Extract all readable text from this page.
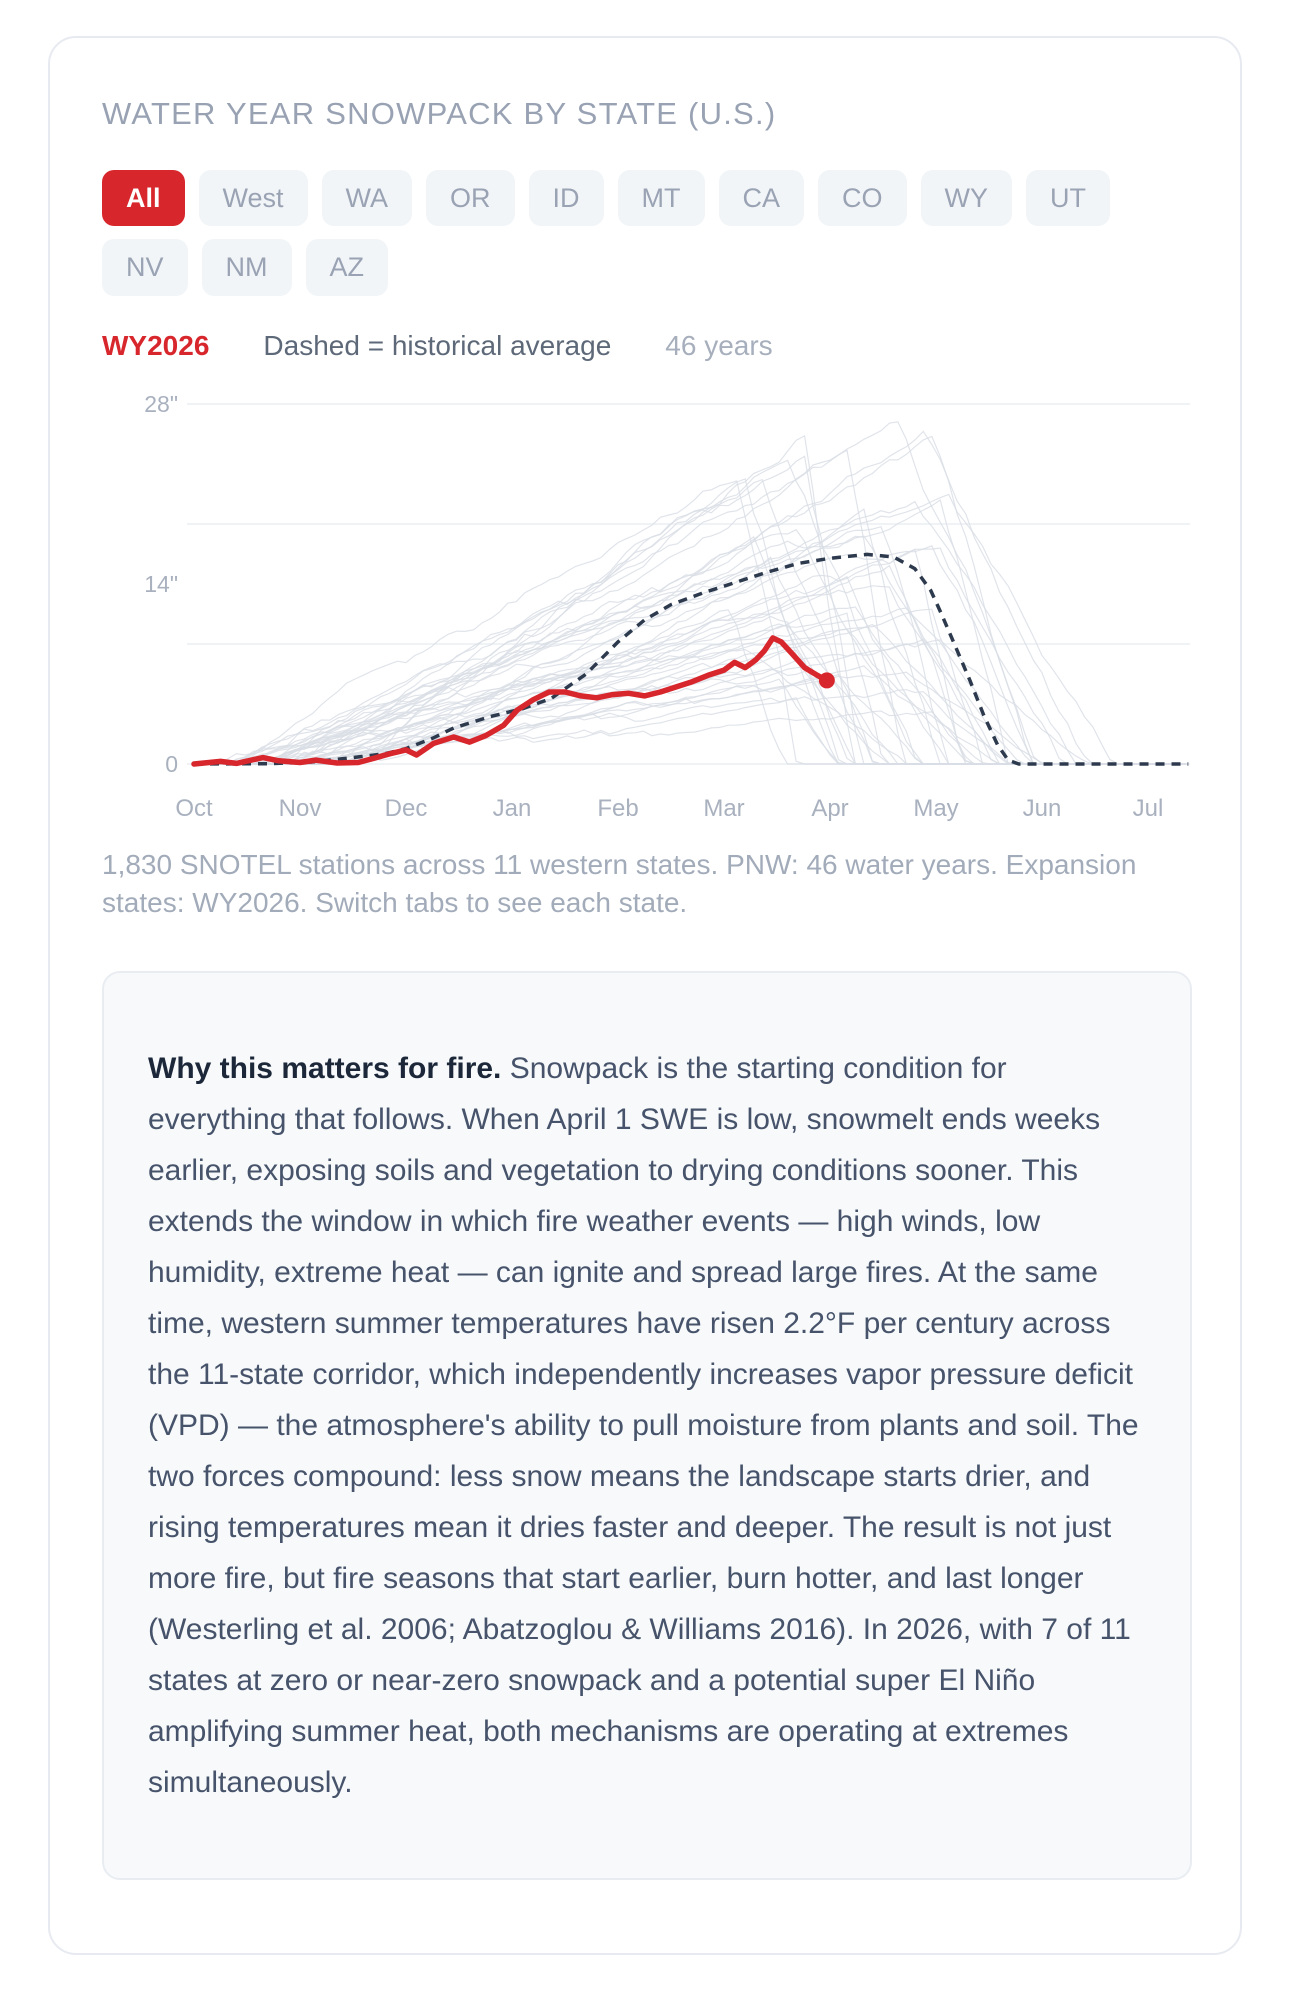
WATER YEAR SNOWPACK BY STATE (U.S.)
All	West	WA	OR	ID	MT	CA	CO	WY	UT
NV	NM	AZ
WY2026 Dashed = historical average 46 years
28"
14"
0
Oct	Nov	Dec	Jan	Feb	Mar	Apr	May	Jun	Jul
1,830 SNOTEL stations across 11 western states. PNW: 46 water years. Expansion states: WY2026. Switch tabs to see each state.

Why this matters for fire. Snowpack is the starting condition for everything that follows. When April 1 SWE is low, snowmelt ends weeks earlier, exposing soils and vegetation to drying conditions sooner. This extends the window in which fire weather events — high winds, low humidity, extreme heat — can ignite and spread large fires. At the same time, western summer temperatures have risen 2.2°F per century across the 11-state corridor, which independently increases vapor pressure deficit (VPD) — the atmosphere's ability to pull moisture from plants and soil. The two forces compound: less snow means the landscape starts drier, and rising temperatures mean it dries faster and deeper. The result is not just more fire, but fire seasons that start earlier, burn hotter, and last longer (Westerling et al. 2006; Abatzoglou & Williams 2016). In 2026, with 7 of 11 states at zero or near-zero snowpack and a potential super El Niño amplifying summer heat, both mechanisms are operating at extremes simultaneously.
